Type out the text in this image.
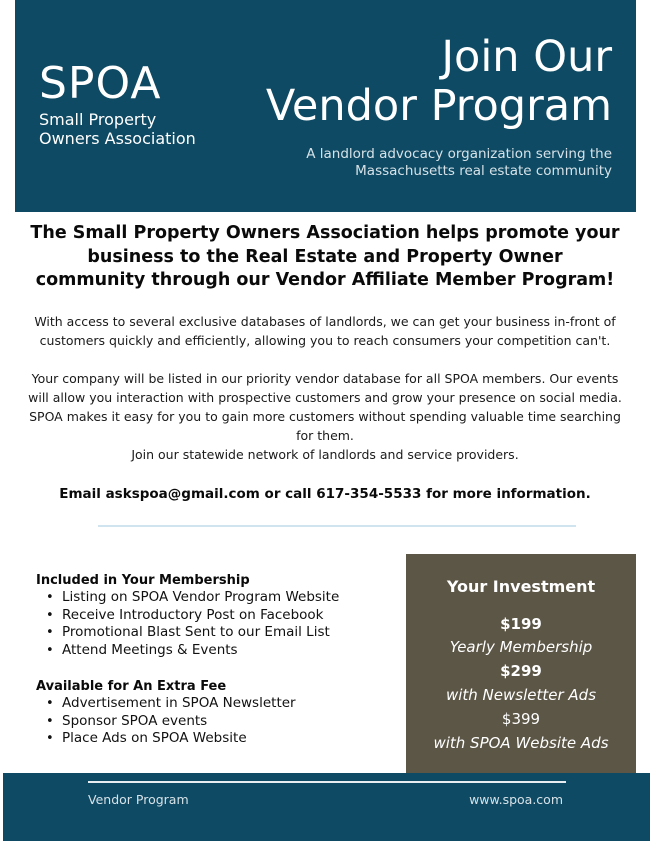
SPOA
Small Property
Owners Association
Join Our
Vendor Program
A landlord advocacy organization serving the Massachusetts real estate community
The Small Property Owners Association helps promote your business to the Real Estate and Property Owner community through our Vendor Affiliate Member Program!
With access to several exclusive databases of landlords, we can get your business in-front of customers quickly and efficiently, allowing you to reach consumers your competition can't.
Your company will be listed in our priority vendor database for all SPOA members. Our events will allow you interaction with prospective customers and grow your presence on social media. SPOA makes it easy for you to gain more customers without spending valuable time searching for them.
Join our statewide network of landlords and service providers.
Email askspoa@gmail.com or call 617-354-5533 for more information.
Included in Your Membership
• Listing on SPOA Vendor Program Website
• Receive Introductory Post on Facebook
• Promotional Blast Sent to our Email List
• Attend Meetings & Events
Available for An Extra Fee
• Advertisement in SPOA Newsletter
• Sponsor SPOA events
• Place Ads on SPOA Website
Your Investment
$199
Yearly Membership
$299
with Newsletter Ads
$399
with SPOA Website Ads
Vendor Program	www.spoa.com
